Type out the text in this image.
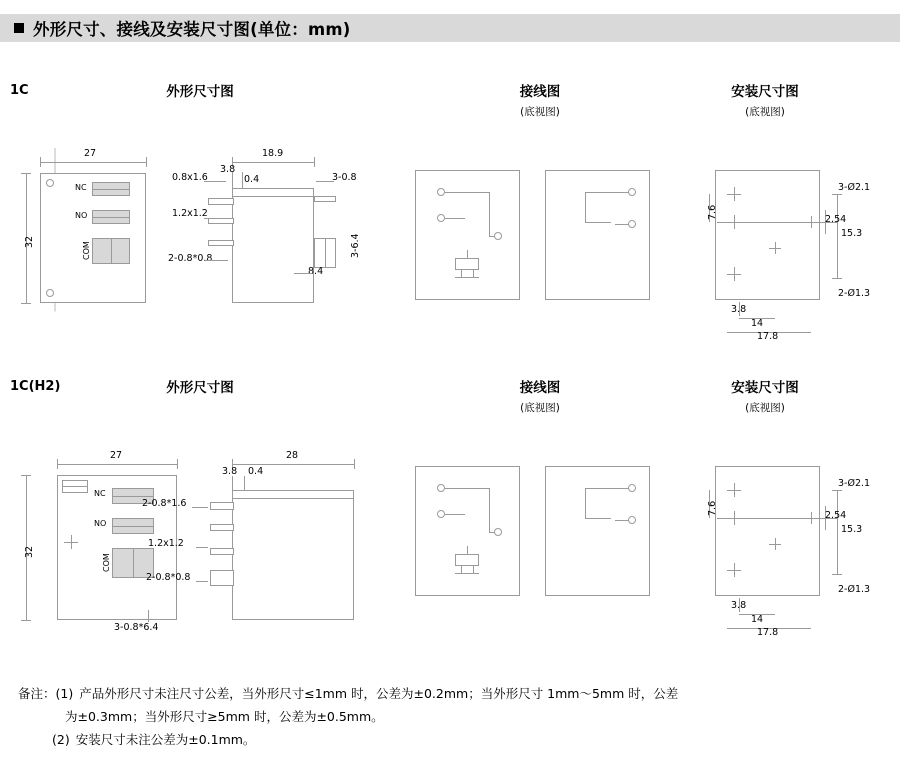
外形尺寸、接线及安装尺寸图(单位：mm)
1C	外形尺寸图	接线图
(底视图)
安装尺寸图
(底视图)
27
32
NC
NO
COM
18.9
3.8
0.4
0.8x1.6
1.2x1.2
2-0.8*0.8
3-0.8
8.4
3-6.4
7.6
15.3
2.54
3-Ø2.1
2-Ø1.3
3.8
14
17.8
1C(H2)	外形尺寸图	接线图
(底视图)
安装尺寸图
(底视图)
27
32
NC
NO
COM
3-0.8*6.4
28
3.8 0.4
2-0.8*1.6
1.2x1.2
2-0.8*0.8
7.6
15.3
2.54
3-Ø2.1
2-Ø1.3
3.8
14
17.8
备注： (1) 产品外形尺寸未注尺寸公差，当外形尺寸≤1mm 时，公差为±0.2mm；当外形尺寸 1mm～5mm 时，公差
为±0.3mm；当外形尺寸≥5mm 时，公差为±0.5mm。
(2) 安装尺寸未注公差为±0.1mm。
